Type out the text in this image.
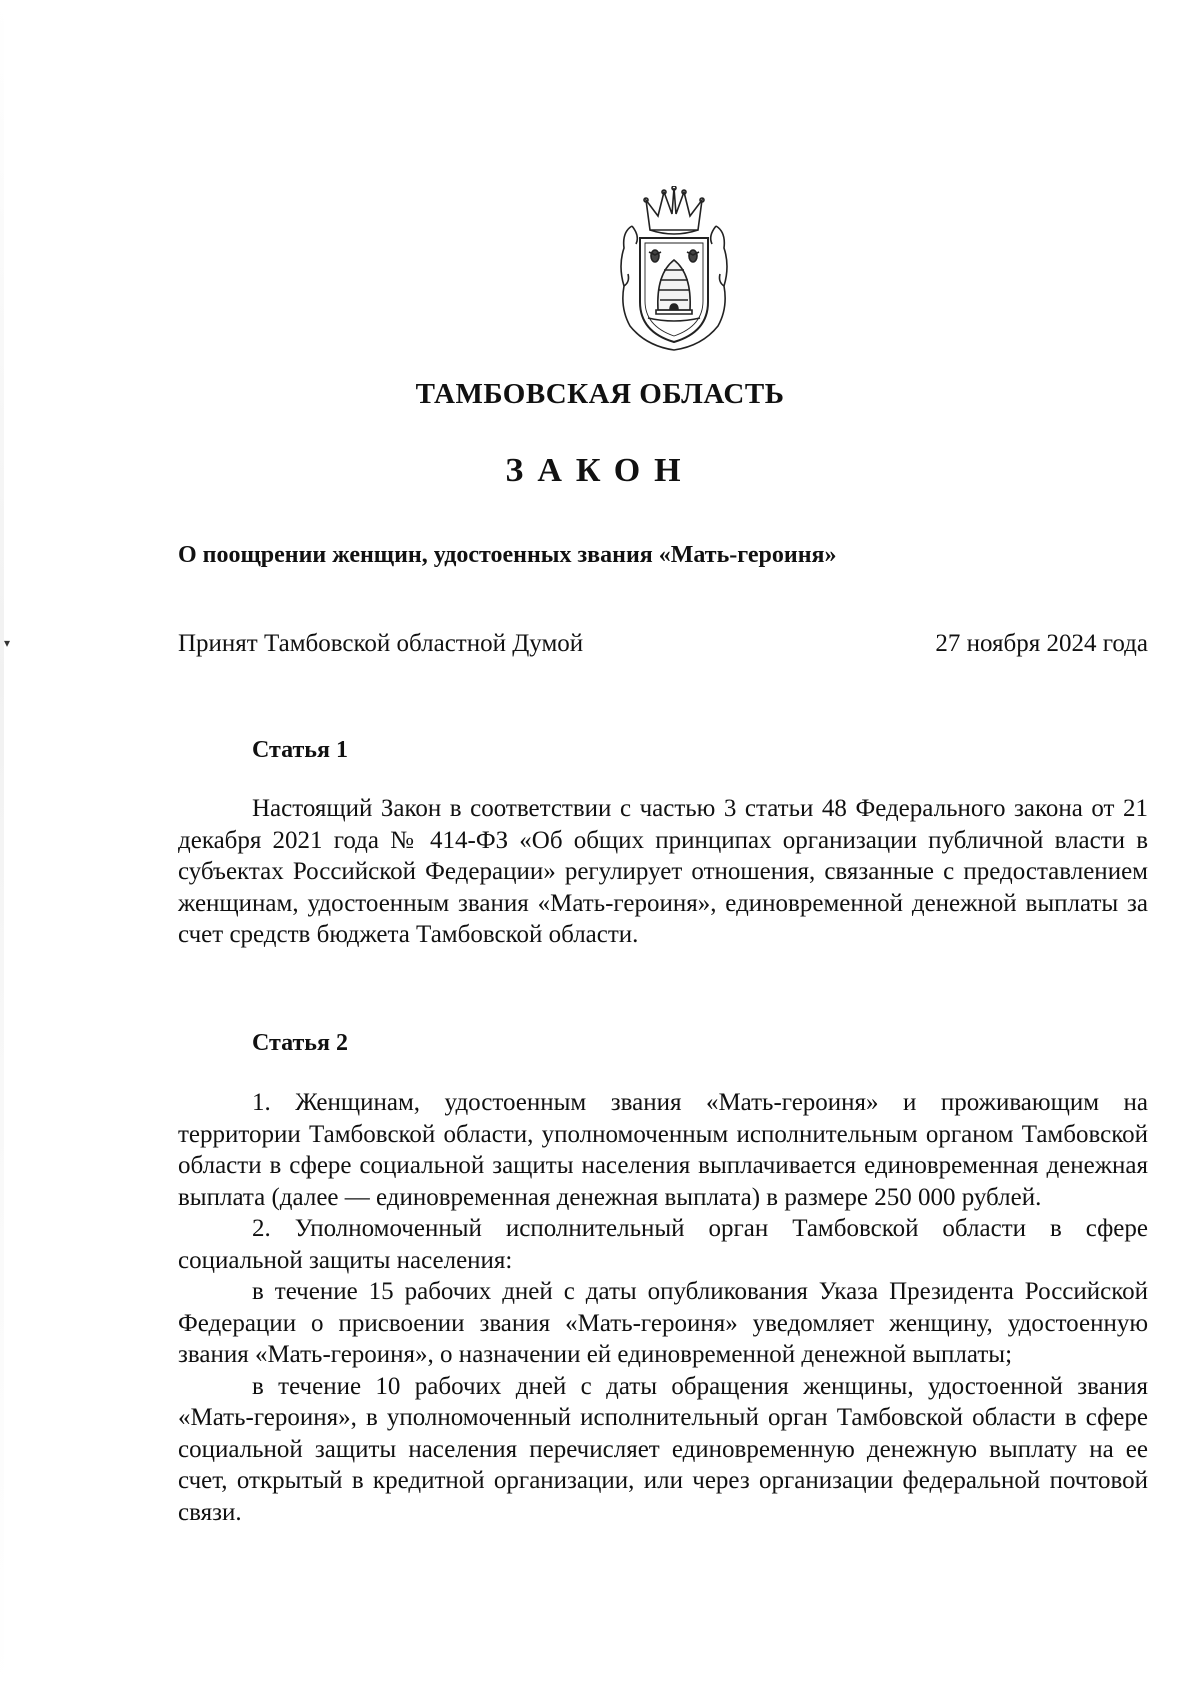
▾
ТАМБОВСКАЯ ОБЛАСТЬ
ЗАКОН
О поощрении женщин, удостоенных звания «Мать-героиня»
Принят Тамбовской областной Думой	27 ноября 2024 года
Статья 1

Настоящий Закон в соответствии с частью 3 статьи 48 Федерального закона от 21 декабря 2021 года № 414-ФЗ «Об общих принципах организации публичной власти в субъектах Российской Федерации» регулирует отношения, связанные с предоставлением женщинам, удостоенным звания «Мать-героиня», единовременной денежной выплаты за счет средств бюджета Тамбовской области.

Статья 2

1. Женщинам, удостоенным звания «Мать-героиня» и проживающим на территории Тамбовской области, уполномоченным исполнительным органом Тамбовской области в сфере социальной защиты населения выплачивается единовременная денежная выплата (далее — единовременная денежная выплата) в размере 250 000 рублей.

2. Уполномоченный исполнительный орган Тамбовской области в сфере социальной защиты населения:

в течение 15 рабочих дней с даты опубликования Указа Президента Российской Федерации о присвоении звания «Мать-героиня» уведомляет женщину, удостоенную звания «Мать-героиня», о назначении ей единовременной денежной выплаты;

в течение 10 рабочих дней с даты обращения женщины, удостоенной звания «Мать-героиня», в уполномоченный исполнительный орган Тамбовской области в сфере социальной защиты населения перечисляет единовременную денежную выплату на ее счет, открытый в кредитной организации, или через организации федеральной почтовой связи.
